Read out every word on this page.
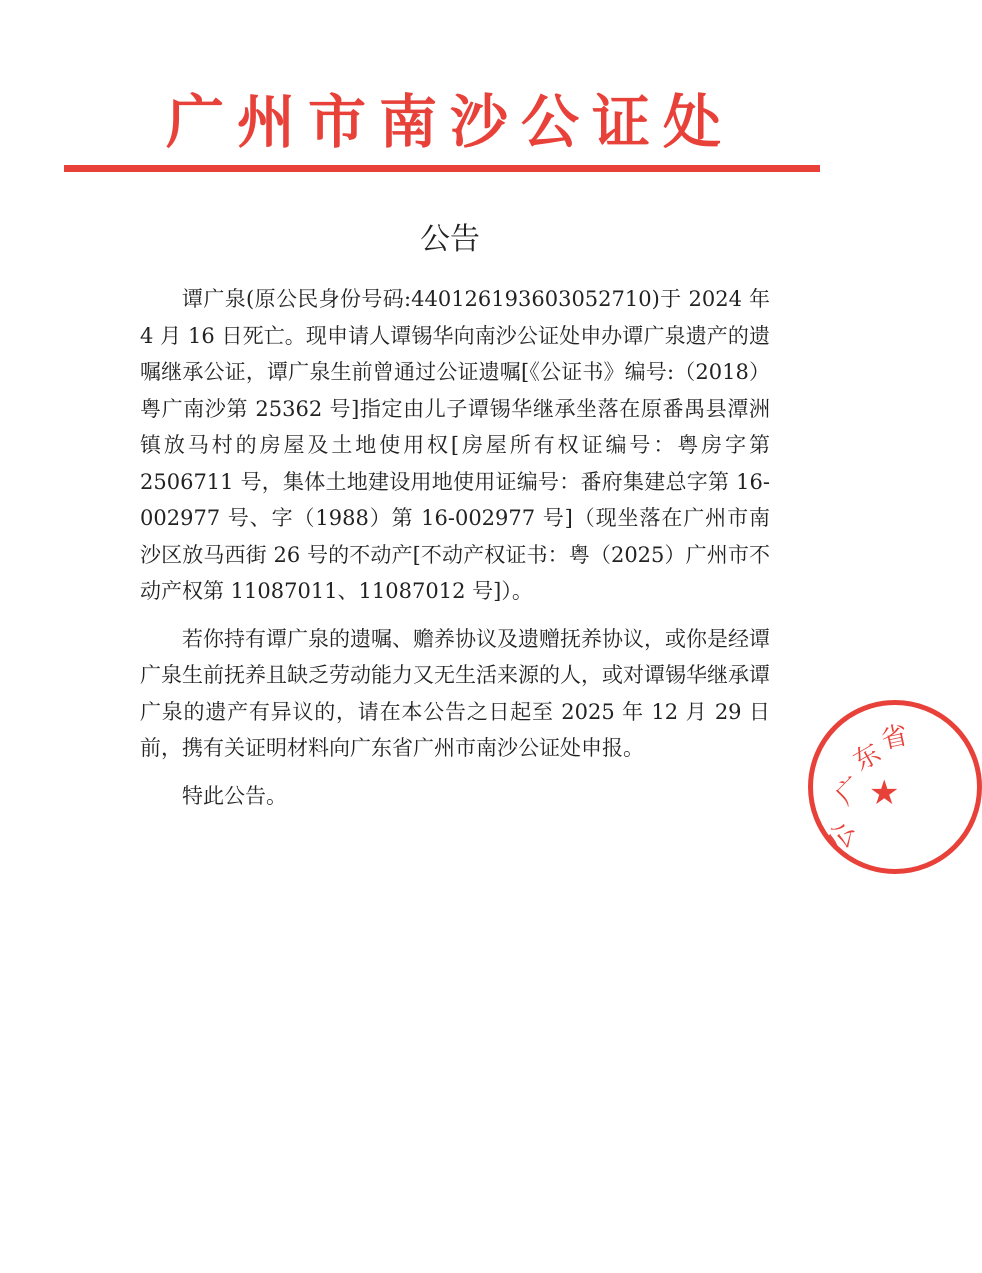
广州市南沙公证处
公告

谭广泉(原公民身份号码:440126193603052710)于 2024 年 4 月 16 日死亡。现申请人谭锡华向南沙公证处申办谭广泉遗产的遗嘱继承公证，谭广泉生前曾通过公证遗嘱[《公证书》编号:（2018）粤广南沙第 25362 号]指定由儿子谭锡华继承坐落在原番禺县潭洲镇放马村的房屋及土地使用权[房屋所有权证编号：粤房字第 2506711 号，集体土地建设用地使用证编号：番府集建总字第 16-002977 号、字（1988）第 16-002977 号]（现坐落在广州市南沙区放马西街 26 号的不动产[不动产权证书：粤（2025）广州市不动产权第 11087011、11087012 号]）。

若你持有谭广泉的遗嘱、赡养协议及遗赠抚养协议，或你是经谭广泉生前抚养且缺乏劳动能力又无生活来源的人，或对谭锡华继承谭广泉的遗产有异议的，请在本公告之日起至 2025 年 12 月 29 日前，携有关证明材料向广东省广州市南沙公证处申报。

特此公告。	★
公
广
东
省
